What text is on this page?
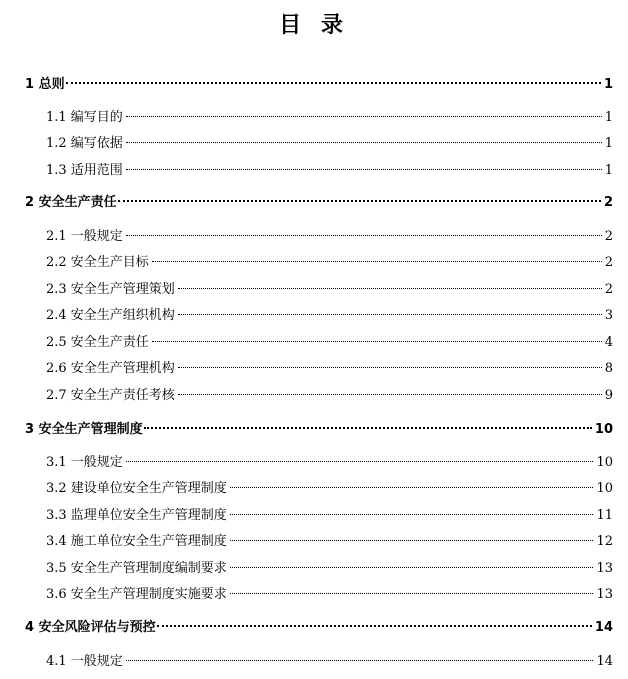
目 录
1 总则	1
1.1 编写目的	1
1.2 编写依据	1
1.3 适用范围	1
2 安全生产责任	2
2.1 一般规定	2
2.2 安全生产目标	2
2.3 安全生产管理策划	2
2.4 安全生产组织机构	3
2.5 安全生产责任	4
2.6 安全生产管理机构	8
2.7 安全生产责任考核	9
3 安全生产管理制度	10
3.1 一般规定	10
3.2 建设单位安全生产管理制度	10
3.3 监理单位安全生产管理制度	11
3.4 施工单位安全生产管理制度	12
3.5 安全生产管理制度编制要求	13
3.6 安全生产管理制度实施要求	13
4 安全风险评估与预控	14
4.1 一般规定	14
